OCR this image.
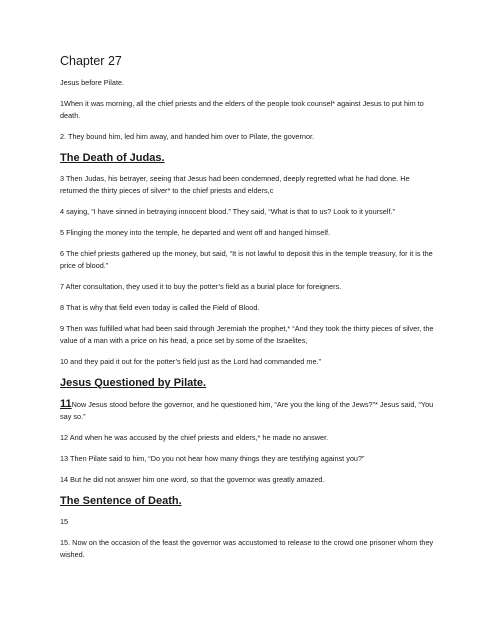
Chapter 27

Jesus before Pilate.

1When it was morning, all the chief priests and the elders of the people took counsel* against Jesus to put him to death.

2. They bound him, led him away, and handed him over to Pilate, the governor.

The Death of Judas.

3 Then Judas, his betrayer, seeing that Jesus had been condemned, deeply regretted what he had done. He returned the thirty pieces of silver* to the chief priests and elders,c

4 saying, “I have sinned in betraying innocent blood.” They said, “What is that to us? Look to it yourself.”

5 Flinging the money into the temple, he departed and went off and hanged himself.

6 The chief priests gathered up the money, but said, “It is not lawful to deposit this in the temple treasury, for it is the price of blood.”

7 After consultation, they used it to buy the potter’s field as a burial place for foreigners.

8 That is why that field even today is called the Field of Blood.

9 Then was fulfilled what had been said through Jeremiah the prophet,* “And they took the thirty pieces of silver, the value of a man with a price on his head, a price set by some of the Israelites,

10 and they paid it out for the potter’s field just as the Lord had commanded me.”

Jesus Questioned by Pilate.

11Now Jesus stood before the governor, and he questioned him, “Are you the king of the Jews?”* Jesus said, “You say so.”

12 And when he was accused by the chief priests and elders,* he made no answer.

13 Then Pilate said to him, “Do you not hear how many things they are testifying against you?”

14 But he did not answer him one word, so that the governor was greatly amazed.

The Sentence of Death.

15

15. Now on the occasion of the feast the governor was accustomed to release to the crowd one prisoner whom they wished.
